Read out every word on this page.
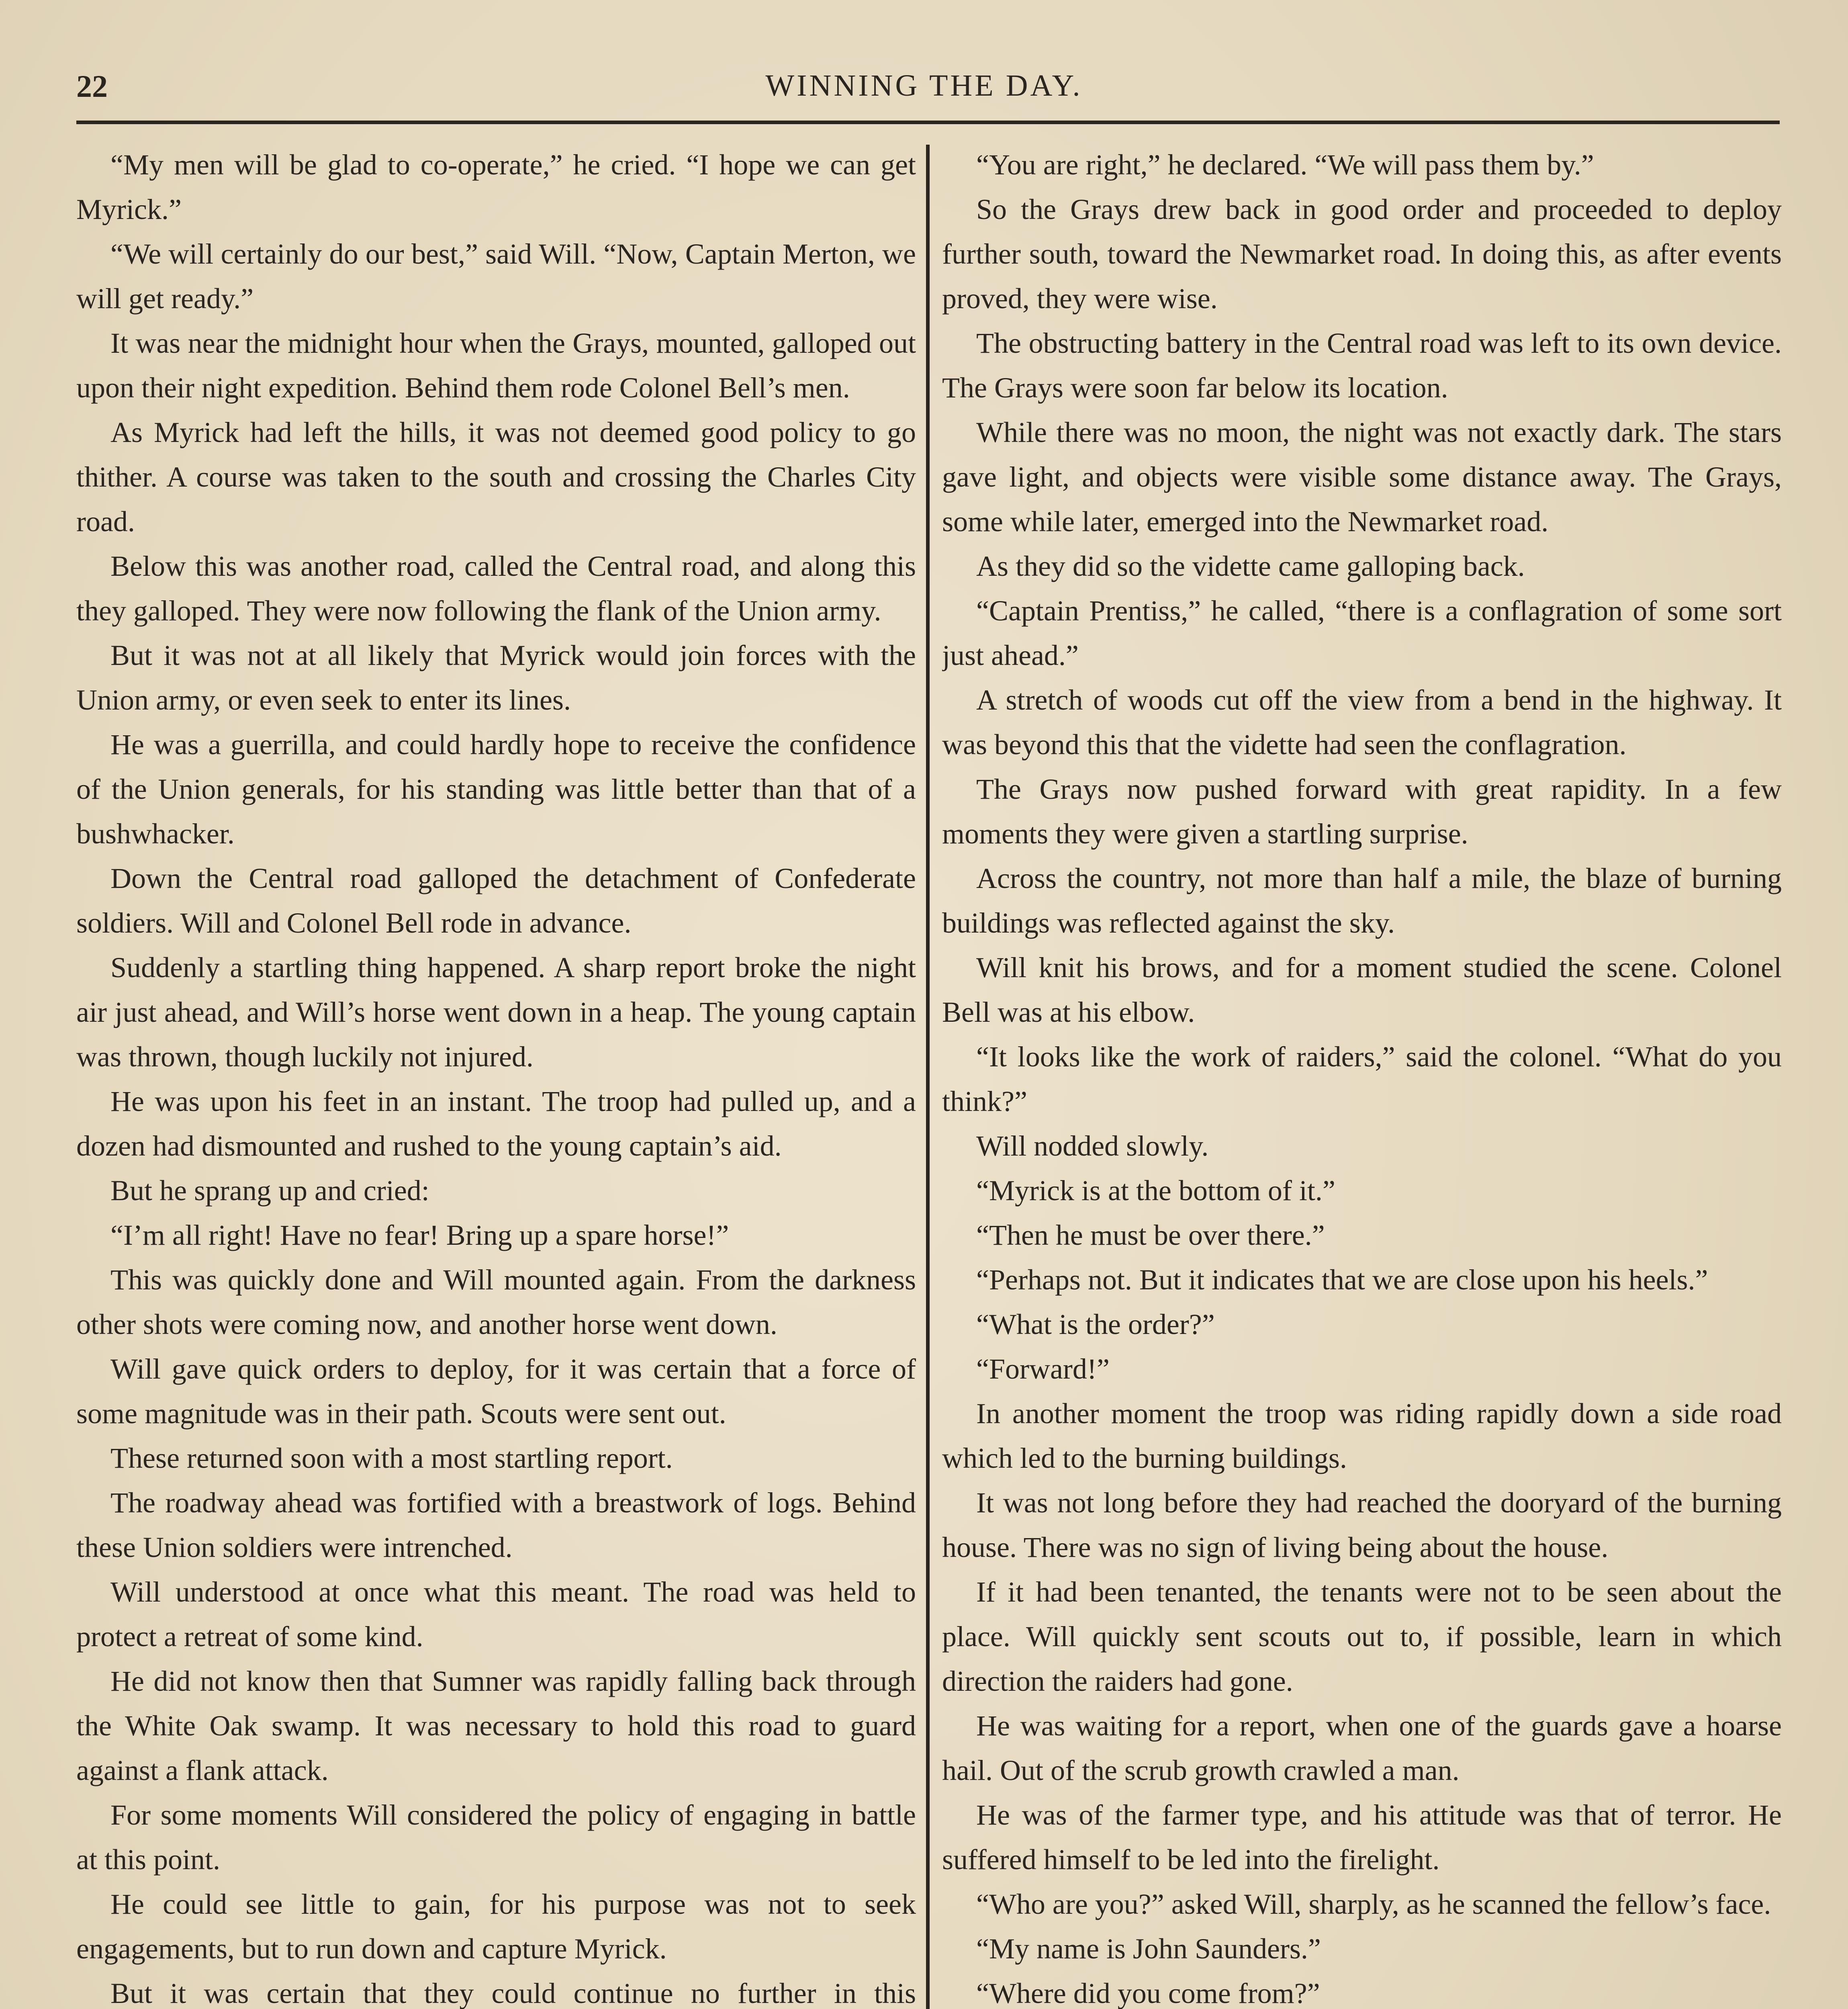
22	WINNING THE DAY.

“My men will be glad to co-operate,” he cried. “I hope we can get Myrick.”

“We will certainly do our best,” said Will. “Now, Captain Merton, we will get ready.”

It was near the midnight hour when the Grays, mounted, galloped out upon their night expedition. Behind them rode Colonel Bell’s men.

As Myrick had left the hills, it was not deemed good policy to go thither. A course was taken to the south and crossing the Charles City road.

Below this was another road, called the Central road, and along this they galloped. They were now following the flank of the Union army.

But it was not at all likely that Myrick would join forces with the Union army, or even seek to enter its lines.

He was a guerrilla, and could hardly hope to receive the confidence of the Union generals, for his standing was little better than that of a bushwhacker.

Down the Central road galloped the detachment of Confederate soldiers. Will and Colonel Bell rode in advance.

Suddenly a startling thing happened. A sharp report broke the night air just ahead, and Will’s horse went down in a heap. The young captain was thrown, though luckily not injured.

He was upon his feet in an instant. The troop had pulled up, and a dozen had dismounted and rushed to the young captain’s aid.

But he sprang up and cried:

“I’m all right! Have no fear! Bring up a spare horse!”

This was quickly done and Will mounted again. From the darkness other shots were coming now, and another horse went down.

Will gave quick orders to deploy, for it was certain that a force of some magnitude was in their path. Scouts were sent out.

These returned soon with a most startling report.

The roadway ahead was fortified with a breastwork of logs. Behind these Union soldiers were intrenched.

Will understood at once what this meant. The road was held to protect a retreat of some kind.

He did not know then that Sumner was rapidly falling back through the White Oak swamp. It was necessary to hold this road to guard against a flank attack.

For some moments Will considered the policy of engaging in battle at this point.

He could see little to gain, for his purpose was not to seek engagements, but to run down and capture Myrick.

But it was certain that they could continue no further in this

“You are right,” he declared. “We will pass them by.”

So the Grays drew back in good order and proceeded to deploy further south, toward the Newmarket road. In doing this, as after events proved, they were wise.

The obstructing battery in the Central road was left to its own device. The Grays were soon far below its location.

While there was no moon, the night was not exactly dark. The stars gave light, and objects were visible some distance away. The Grays, some while later, emerged into the Newmarket road.

As they did so the vidette came galloping back.

“Captain Prentiss,” he called, “there is a conflagration of some sort just ahead.”

A stretch of woods cut off the view from a bend in the highway. It was beyond this that the vidette had seen the conflagration.

The Grays now pushed forward with great rapidity. In a few moments they were given a startling surprise.

Across the country, not more than half a mile, the blaze of burning buildings was reflected against the sky.

Will knit his brows, and for a moment studied the scene. Colonel Bell was at his elbow.

“It looks like the work of raiders,” said the colonel. “What do you think?”

Will nodded slowly.

“Myrick is at the bottom of it.”

“Then he must be over there.”

“Perhaps not. But it indicates that we are close upon his heels.”

“What is the order?”

“Forward!”

In another moment the troop was riding rapidly down a side road which led to the burning buildings.

It was not long before they had reached the dooryard of the burning house. There was no sign of living being about the house.

If it had been tenanted, the tenants were not to be seen about the place. Will quickly sent scouts out to, if possible, learn in which direction the raiders had gone.

He was waiting for a report, when one of the guards gave a hoarse hail. Out of the scrub growth crawled a man.

He was of the farmer type, and his attitude was that of terror. He suffered himself to be led into the firelight.

“Who are you?” asked Will, sharply, as he scanned the fellow’s face.

“My name is John Saunders.”

“Where did you come from?”
